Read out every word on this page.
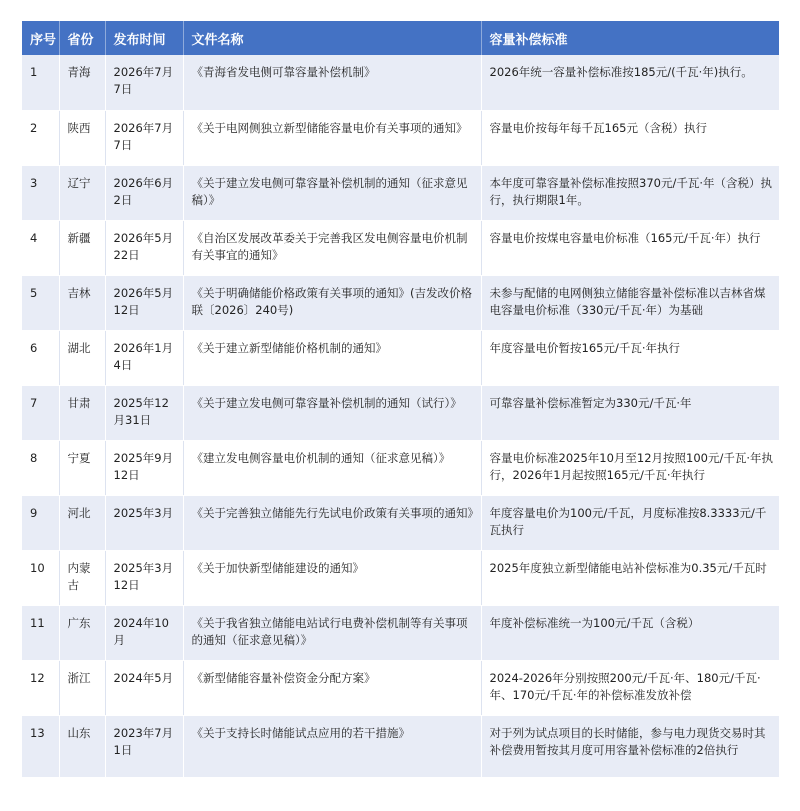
序号	省份	发布时间	文件名称	容量补偿标准
1	青海	2026年7月7日	《青海省发电侧可靠容量补偿机制》	2026年统一容量补偿标准按185元/(千瓦·年)执行。
2	陕西	2026年7月7日	《关于电网侧独立新型储能容量电价有关事项的通知》	容量电价按每年每千瓦165元（含税）执行
3	辽宁	2026年6月2日	《关于建立发电侧可靠容量补偿机制的通知（征求意见稿）》	本年度可靠容量补偿标准按照370元/千瓦·年（含税）执行，执行期限1年。
4	新疆	2026年5月22日	《自治区发展改革委关于完善我区发电侧容量电价机制有关事宜的通知》	容量电价按煤电容量电价标准（165元/千瓦·年）执行
5	吉林	2026年5月12日	《关于明确储能价格政策有关事项的通知》(吉发改价格联〔2026〕240号)	未参与配储的电网侧独立储能容量补偿标准以吉林省煤电容量电价标准（330元/千瓦·年）为基础
6	湖北	2026年1月4日	《关于建立新型储能价格机制的通知》	年度容量电价暂按165元/千瓦·年执行
7	甘肃	2025年12月31日	《关于建立发电侧可靠容量补偿机制的通知（试行）》	可靠容量补偿标准暂定为330元/千瓦·年
8	宁夏	2025年9月12日	《建立发电侧容量电价机制的通知（征求意见稿）》	容量电价标准2025年10月至12月按照100元/千瓦·年执行，2026年1月起按照165元/千瓦·年执行
9	河北	2025年3月	《关于完善独立储能先行先试电价政策有关事项的通知》	年度容量电价为100元/千瓦，月度标准按8.3333元/千瓦执行
10	内蒙古	2025年3月12日	《关于加快新型储能建设的通知》	2025年度独立新型储能电站补偿标准为0.35元/千瓦时
11	广东	2024年10月	《关于我省独立储能电站试行电费补偿机制等有关事项的通知（征求意见稿）》	年度补偿标准统一为100元/千瓦（含税）
12	浙江	2024年5月	《新型储能容量补偿资金分配方案》	2024-2026年分别按照200元/千瓦·年、180元/千瓦·年、170元/千瓦·年的补偿标准发放补偿
13	山东	2023年7月1日	《关于支持长时储能试点应用的若干措施》	对于列为试点项目的长时储能，参与电力现货交易时其补偿费用暂按其月度可用容量补偿标准的2倍执行
